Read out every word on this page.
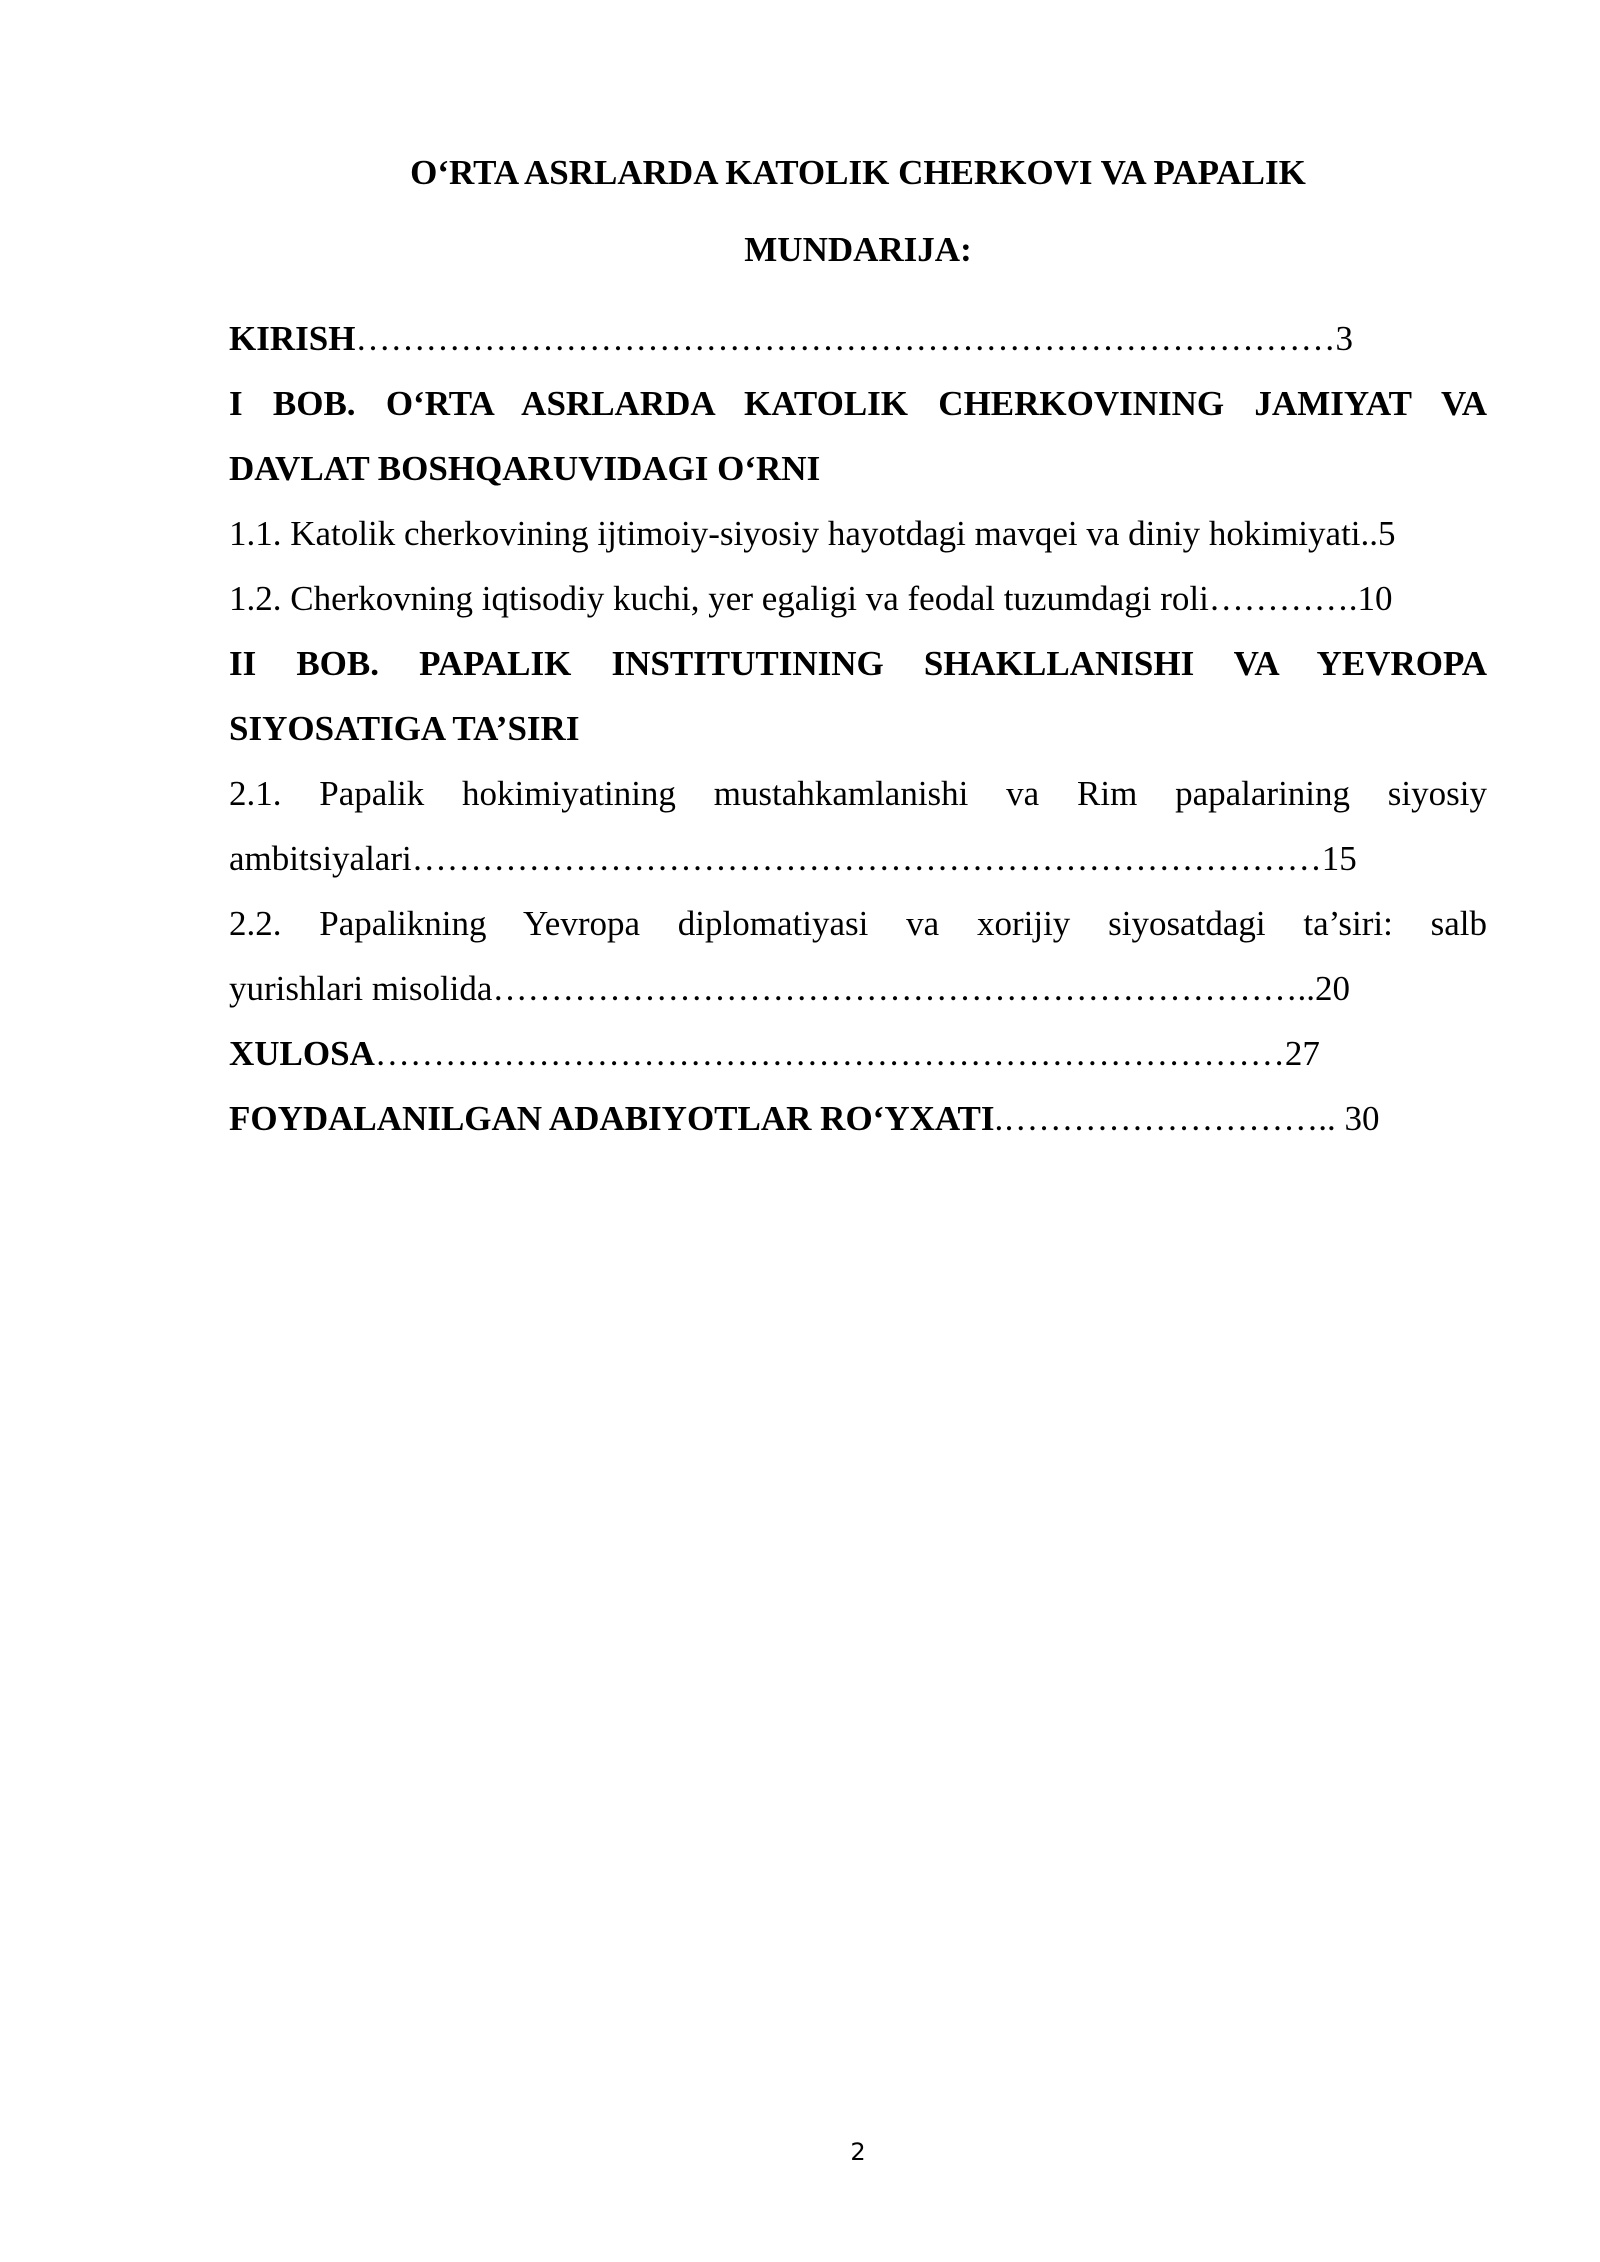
O‘RTA ASRLARDA KATOLIK CHERKOVI VA PAPALIK
MUNDARIJA:
KIRISH…………………………………………………………………………3
I BOB. O‘RTA ASRLARDA KATOLIK CHERKOVINING JAMIYAT VA
DAVLAT BOSHQARUVIDAGI O‘RNI
1.1. Katolik cherkovining ijtimoiy-siyosiy hayotdagi mavqei va diniy hokimiyati..5
1.2. Cherkovning iqtisodiy kuchi, yer egaligi va feodal tuzumdagi roli………….10
II BOB. PAPALIK INSTITUTINING SHAKLLANISHI VA YEVROPA
SIYOSATIGA TA’SIRI
2.1. Papalik hokimiyatining mustahkamlanishi va Rim papalarining siyosiy
ambitsiyalari……………………………………………………………………15
2.2. Papalikning Yevropa diplomatiyasi va xorijiy siyosatdagi ta’siri: salb
yurishlari misolida……………………………………………………………..20
XULOSA……………………………………………………………………27
FOYDALANILGAN ADABIYOTLAR RO‘YXATI.……………………….. 30
2
